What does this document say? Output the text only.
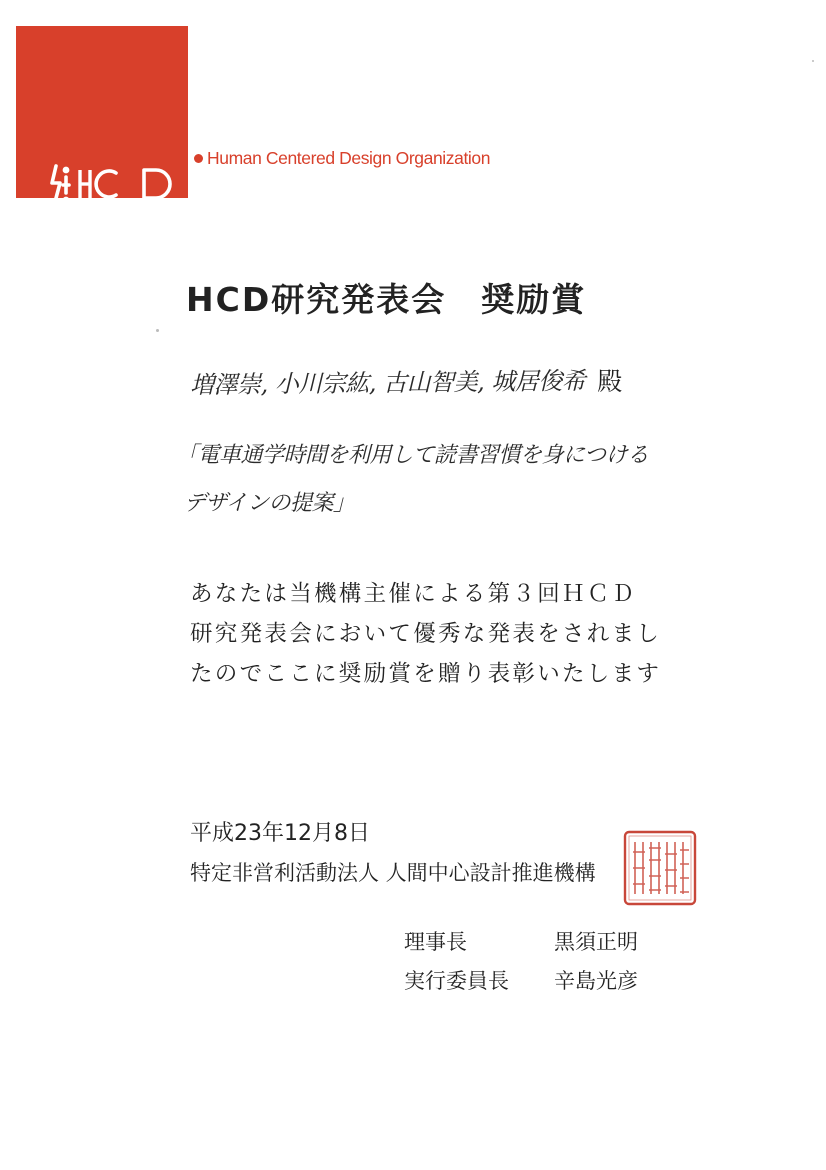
Human Centered Design Organization
HCD研究発表会　奨励賞
増澤崇, 小川宗紘, 古山智美, 城居俊希 殿
「電車通学時間を利用して読書習慣を身につける
デザインの提案」
あなたは当機構主催による第３回ＨＣＤ
研究発表会において優秀な発表をされまし
たのでここに奨励賞を贈り表彰いたします
平成23年12月8日
特定非営利活動法人 人間中心設計推進機構
理事長	黒須正明
実行委員長 辛島光彦
